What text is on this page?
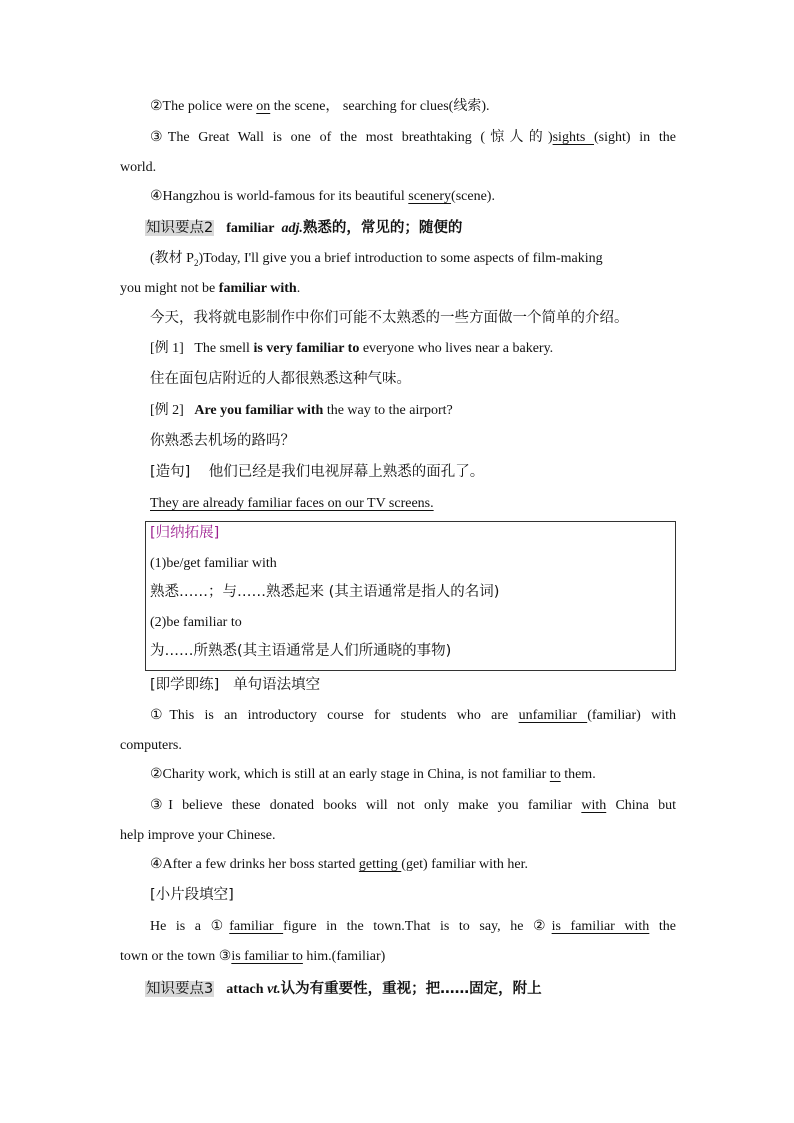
②The police were on the scene， searching for clues(线索).
③The Great Wall is one of the most breathtaking (惊人的)sights (sight) in the
world.
④Hangzhou is world-famous for its beautiful scenery(scene).
知识要点2 familiar adj.熟悉的，常见的；随便的
(教材 $P_2)Today$, I'll give you a brief introduction to some aspects of film-making
you might not be familiar with.
今天，我将就电影制作中你们可能不太熟悉的一些方面做一个简单的介绍。
[例 1] The smell is very familiar to everyone who lives near a bakery.
住在面包店附近的人都很熟悉这种气味。
[例 2] Are you familiar with the way to the airport?
你熟悉去机场的路吗？
[造句] 他们已经是我们电视屏幕上熟悉的面孔了。
They are already familiar faces on our TV screens.
[归纳拓展]
(1)be/get familiar with
熟悉……；与……熟悉起来 (其主语通常是指人的名词)
(2)be familiar to
为……所熟悉(其主语通常是人们所通晓的事物)
[即学即练] 单句语法填空
①This is an introductory course for students who are unfamiliar (familiar) with
computers.
②Charity work, which is still at an early stage in China, is not familiar to them.
③I believe these donated books will not only make you familiar with China but
help improve your Chinese.
④After a few drinks her boss started getting (get) familiar with her.
[小片段填空]
He is a ①familiar figure in the town.That is to say, he ②is familiar with the
town or the town ③is familiar to him.(familiar)
知识要点3 attach vt.认为有重要性，重视；把……固定，附上
